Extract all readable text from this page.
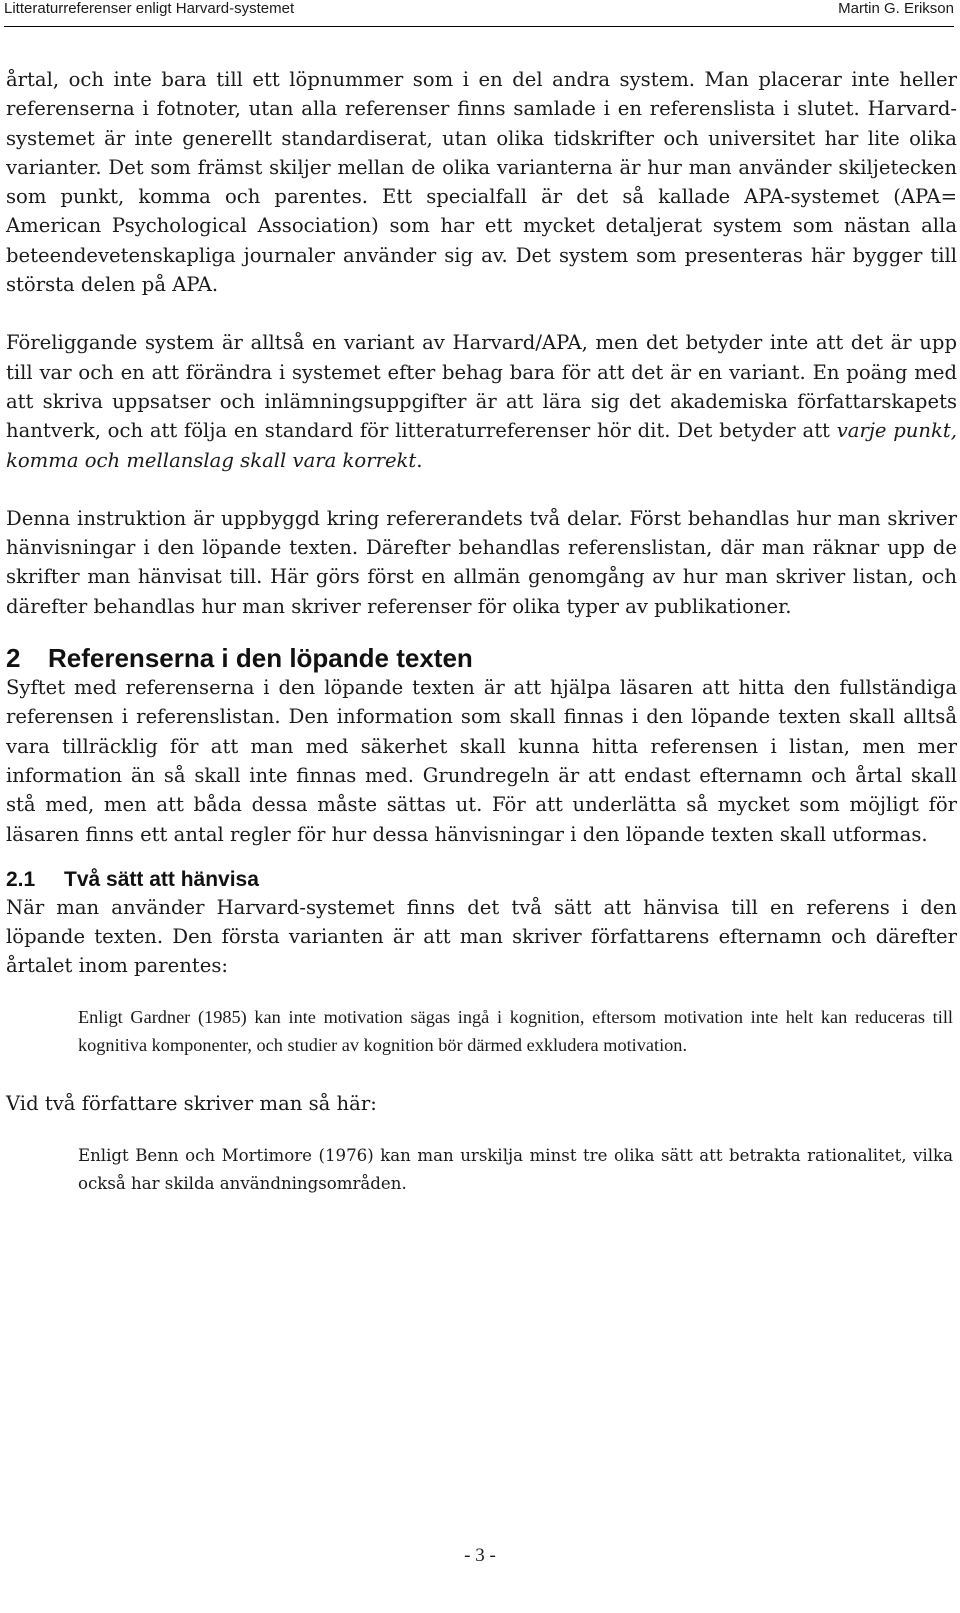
Litteraturreferenser enligt Harvard-systemet	Martin G. Erikson

årtal, och inte bara till ett löpnummer som i en del andra system. Man placerar inte heller referenserna i fotnoter, utan alla referenser finns samlade i en referenslista i slutet. Harvard-systemet är inte generellt standardiserat, utan olika tidskrifter och universitet har lite olika varianter. Det som främst skiljer mellan de olika varianterna är hur man använder skiljetecken som punkt, komma och parentes. Ett specialfall är det så kallade APA-systemet (APA= American Psychological Association) som har ett mycket detaljerat system som nästan alla beteendevetenskapliga journaler använder sig av. Det system som presenteras här bygger till största delen på APA.

Föreliggande system är alltså en variant av Harvard/APA, men det betyder inte att det är upp till var och en att förändra i systemet efter behag bara för att det är en variant. En poäng med att skriva uppsatser och inlämningsuppgifter är att lära sig det akademiska författarskapets hantverk, och att följa en standard för litteraturreferenser hör dit. Det betyder att varje punkt, komma och mellanslag skall vara korrekt.

Denna instruktion är uppbyggd kring refererandets två delar. Först behandlas hur man skriver hänvisningar i den löpande texten. Därefter behandlas referenslistan, där man räknar upp de skrifter man hänvisat till. Här görs först en allmän genomgång av hur man skriver listan, och därefter behandlas hur man skriver referenser för olika typer av publikationer.

2 Referenserna i den löpande texten

Syftet med referenserna i den löpande texten är att hjälpa läsaren att hitta den fullständiga referensen i referenslistan. Den information som skall finnas i den löpande texten skall alltså vara tillräcklig för att man med säkerhet skall kunna hitta referensen i listan, men mer information än så skall inte finnas med. Grundregeln är att endast efternamn och årtal skall stå med, men att båda dessa måste sättas ut. För att underlätta så mycket som möjligt för läsaren finns ett antal regler för hur dessa hänvisningar i den löpande texten skall utformas.

2.1 Två sätt att hänvisa

När man använder Harvard-systemet finns det två sätt att hänvisa till en referens i den löpande texten. Den första varianten är att man skriver författarens efternamn och därefter årtalet inom parentes:

Enligt Gardner (1985) kan inte motivation sägas ingå i kognition, eftersom motivation inte helt kan reduceras till kognitiva komponenter, och studier av kognition bör därmed exkludera motivation.

Vid två författare skriver man så här:

Enligt Benn och Mortimore (1976) kan man urskilja minst tre olika sätt att betrakta rationalitet, vilka också har skilda användningsområden.

- 3 -
